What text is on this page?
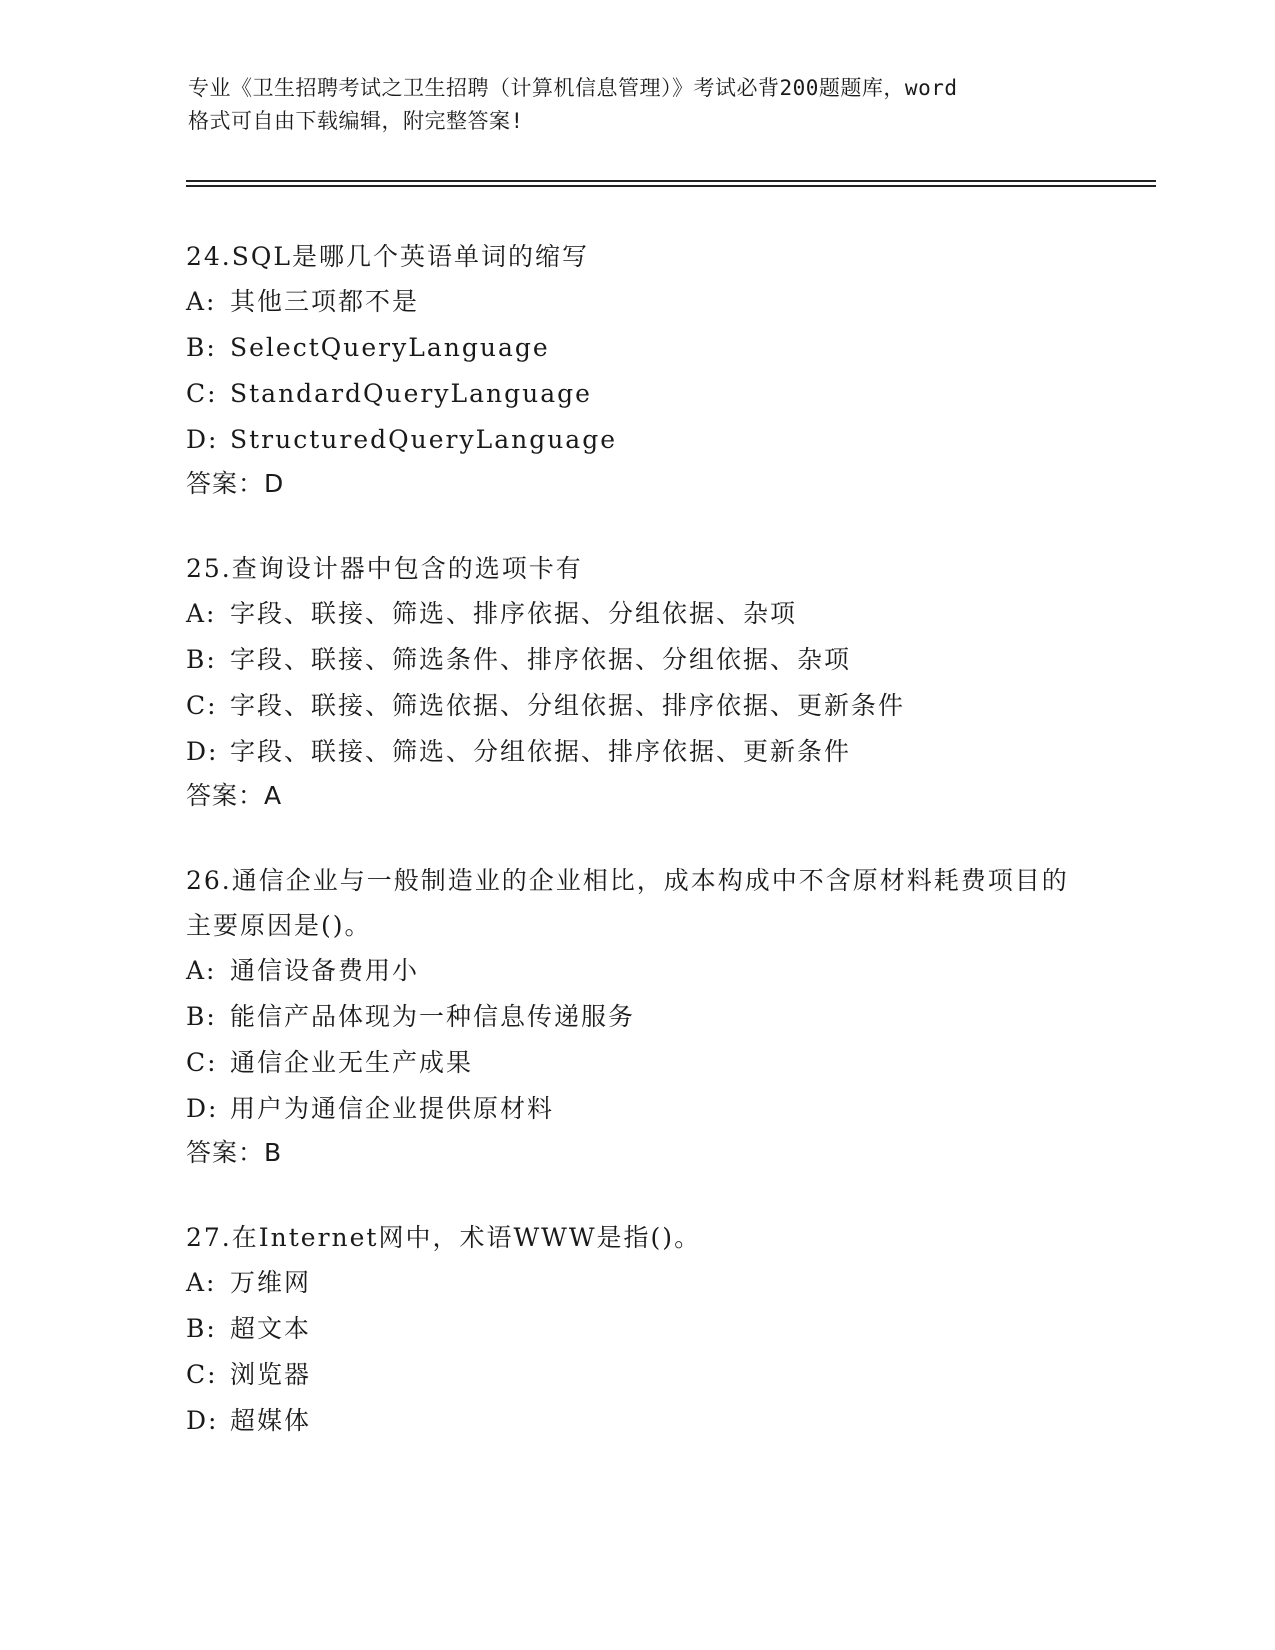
专业《卫生招聘考试之卫生招聘（计算机信息管理）》考试必背200题题库，word
格式可自由下载编辑，附完整答案!
24.SQL是哪几个英语单词的缩写
A: 其他三项都不是
B: SelectQueryLanguage
C: StandardQueryLanguage
D: StructuredQueryLanguage
答案：D
25.查询设计器中包含的选项卡有
A: 字段、联接、筛选、排序依据、分组依据、杂项
B: 字段、联接、筛选条件、排序依据、分组依据、杂项
C: 字段、联接、筛选依据、分组依据、排序依据、更新条件
D: 字段、联接、筛选、分组依据、排序依据、更新条件
答案：A
26.通信企业与一般制造业的企业相比，成本构成中不含原材料耗费项目的主要原因是()。
A: 通信设备费用小
B: 能信产品体现为一种信息传递服务
C: 通信企业无生产成果
D: 用户为通信企业提供原材料
答案：B
27.在Internet网中，术语WWW是指()。
A: 万维网
B: 超文本
C: 浏览器
D: 超媒体
